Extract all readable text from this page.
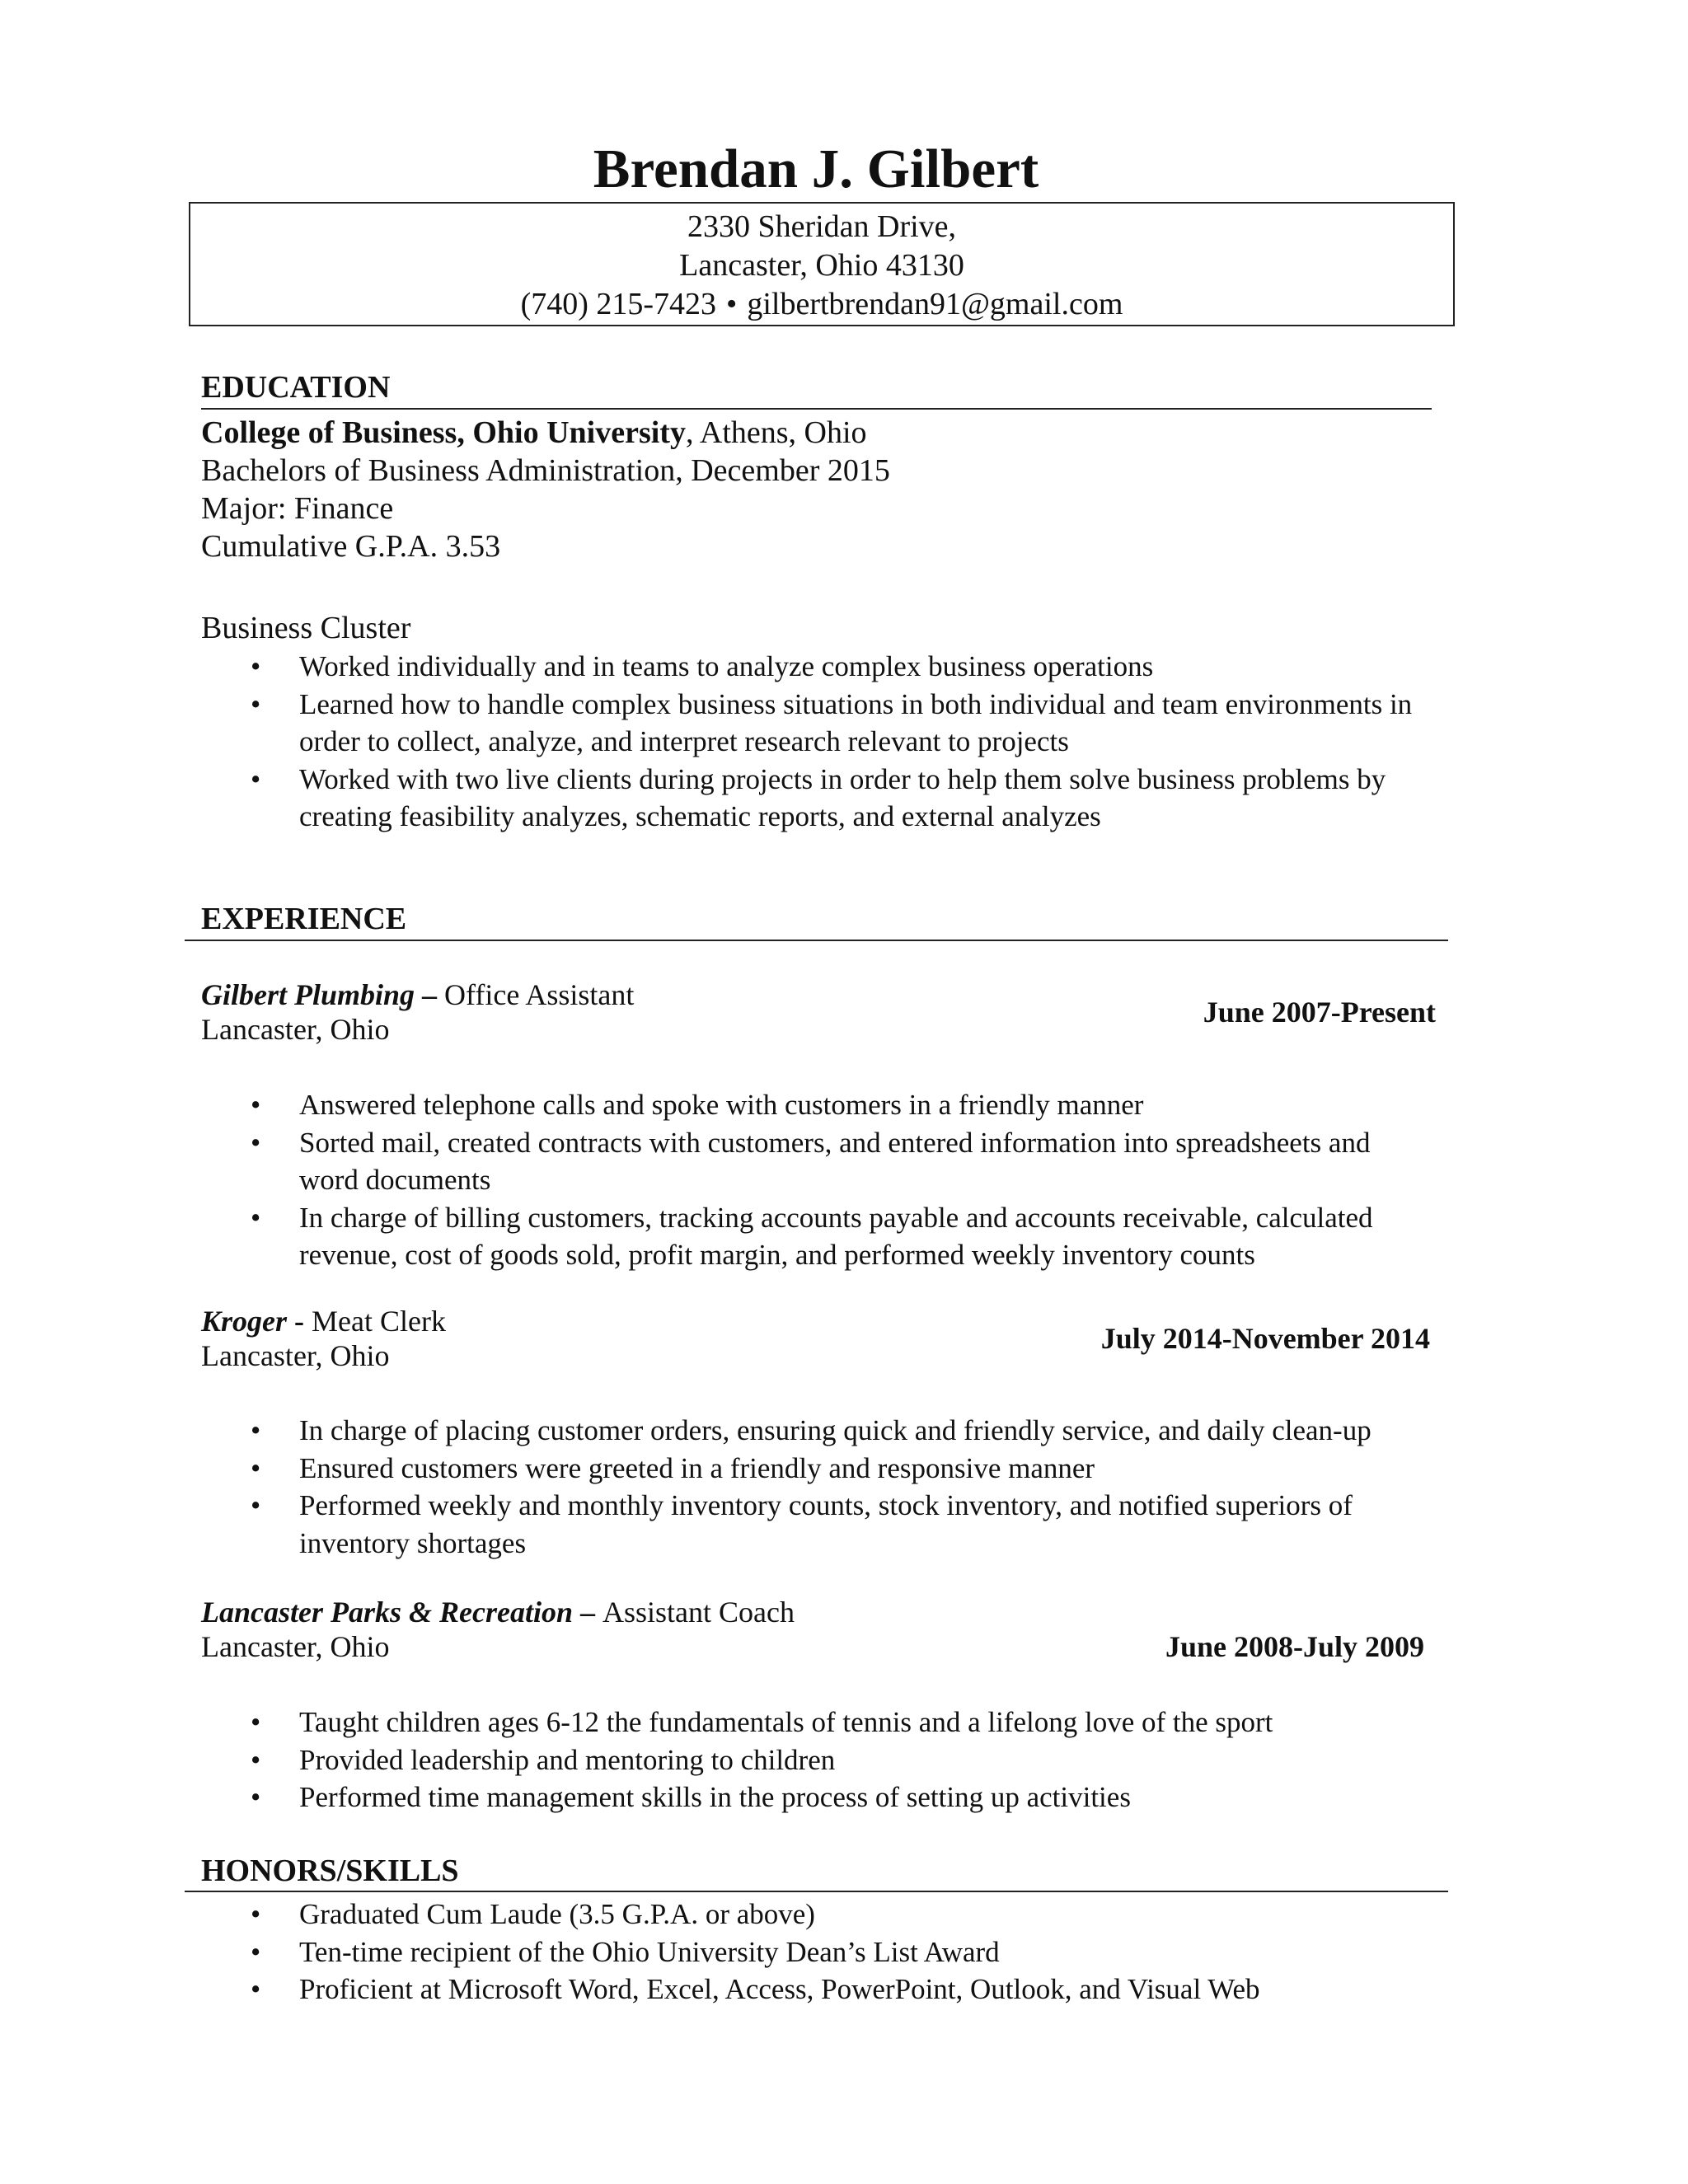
Brendan J. Gilbert
2330 Sheridan Drive,
Lancaster, Ohio 43130
(740) 215-7423 • gilbertbrendan91@gmail.com
EDUCATION
College of Business, Ohio University, Athens, Ohio
Bachelors of Business Administration, December 2015
Major: Finance
Cumulative G.P.A. 3.53
Business Cluster
• Worked individually and in teams to analyze complex business operations
• Learned how to handle complex business situations in both individual and team environments in order to collect, analyze, and interpret research relevant to projects
• Worked with two live clients during projects in order to help them solve business problems by creating feasibility analyzes, schematic reports, and external analyzes
EXPERIENCE
Gilbert Plumbing – Office Assistant
Lancaster, Ohio
June 2007-Present
• Answered telephone calls and spoke with customers in a friendly manner
• Sorted mail, created contracts with customers, and entered information into spreadsheets and word documents
• In charge of billing customers, tracking accounts payable and accounts receivable, calculated revenue, cost of goods sold, profit margin, and performed weekly inventory counts
Kroger - Meat Clerk
Lancaster, Ohio
July 2014-November 2014
• In charge of placing customer orders, ensuring quick and friendly service, and daily clean-up
• Ensured customers were greeted in a friendly and responsive manner
• Performed weekly and monthly inventory counts, stock inventory, and notified superiors of inventory shortages
Lancaster Parks & Recreation – Assistant Coach
Lancaster, Ohio	June 2008-July 2009
• Taught children ages 6-12 the fundamentals of tennis and a lifelong love of the sport
• Provided leadership and mentoring to children
• Performed time management skills in the process of setting up activities
HONORS/SKILLS
• Graduated Cum Laude (3.5 G.P.A. or above)
• Ten-time recipient of the Ohio University Dean’s List Award
• Proficient at Microsoft Word, Excel, Access, PowerPoint, Outlook, and Visual Web
